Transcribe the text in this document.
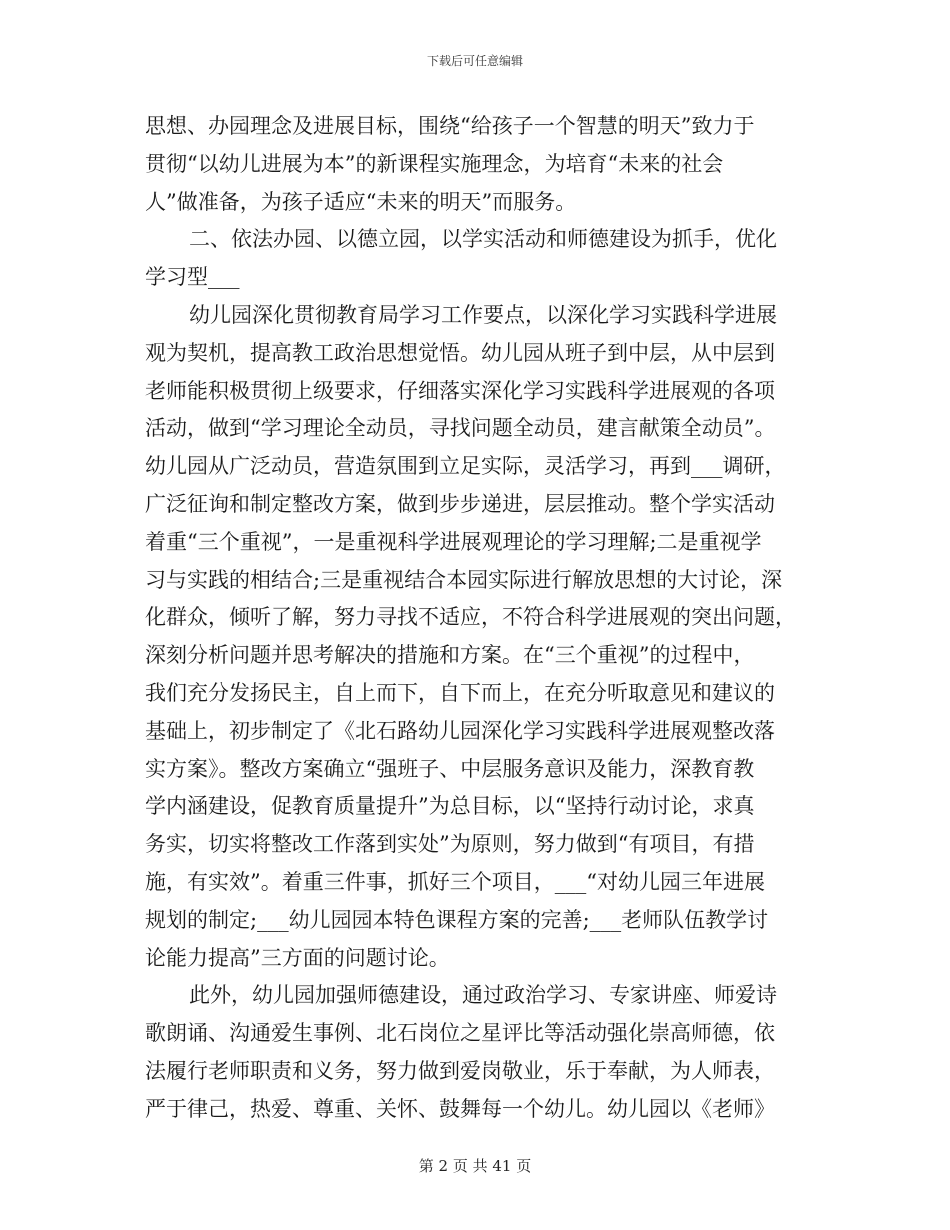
下载后可任意编辑
思想、办园理念及进展目标，围绕“给孩子一个智慧的明天”致力于
贯彻“以幼儿进展为本”的新课程实施理念，为培育“未来的社会
人”做准备，为孩子适应“未来的明天”而服务。
二、依法办园、以德立园，以学实活动和师德建设为抓手，优化
学习型___
幼儿园深化贯彻教育局学习工作要点，以深化学习实践科学进展
观为契机，提高教工政治思想觉悟。幼儿园从班子到中层，从中层到
老师能积极贯彻上级要求，仔细落实深化学习实践科学进展观的各项
活动，做到“学习理论全动员，寻找问题全动员，建言献策全动员”。
幼儿园从广泛动员，营造氛围到立足实际，灵活学习，再到___调研，
广泛征询和制定整改方案，做到步步递进，层层推动。整个学实活动
着重“三个重视”，一是重视科学进展观理论的学习理解;二是重视学
习与实践的相结合;三是重视结合本园实际进行解放思想的大讨论，深
化群众，倾听了解，努力寻找不适应，不符合科学进展观的突出问题，
深刻分析问题并思考解决的措施和方案。在“三个重视”的过程中，
我们充分发扬民主，自上而下，自下而上，在充分听取意见和建议的
基础上，初步制定了《北石路幼儿园深化学习实践科学进展观整改落
实方案》。整改方案确立“强班子、中层服务意识及能力，深教育教
学内涵建设，促教育质量提升”为总目标，以“坚持行动讨论，求真
务实，切实将整改工作落到实处”为原则，努力做到“有项目，有措
施，有实效”。着重三件事，抓好三个项目，___“对幼儿园三年进展
规划的制定;___幼儿园园本特色课程方案的完善;___老师队伍教学讨
论能力提高”三方面的问题讨论。
此外，幼儿园加强师德建设，通过政治学习、专家讲座、师爱诗
歌朗诵、沟通爱生事例、北石岗位之星评比等活动强化崇高师德，依
法履行老师职责和义务，努力做到爱岗敬业，乐于奉献，为人师表，
严于律己，热爱、尊重、关怀、鼓舞每一个幼儿。幼儿园以《老师》
第 2 页 共 41 页
